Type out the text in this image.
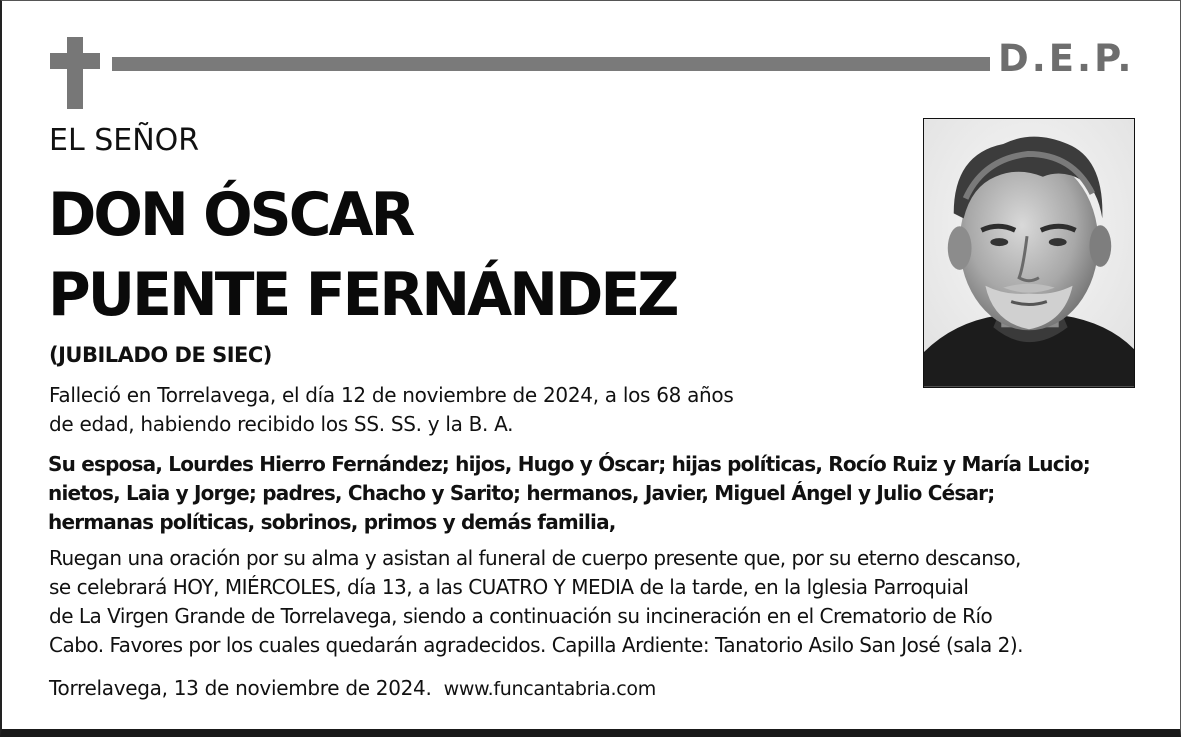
D.E.P.
EL SEÑOR
DON ÓSCAR
PUENTE FERNÁNDEZ
(JUBILADO DE SIEC)
Falleció en Torrelavega, el día 12 de noviembre de 2024, a los 68 años
de edad, habiendo recibido los SS. SS. y la B. A.
Su esposa, Lourdes Hierro Fernández; hijos, Hugo y Óscar; hijas políticas, Rocío Ruiz y María Lucio;
nietos, Laia y Jorge; padres, Chacho y Sarito; hermanos, Javier, Miguel Ángel y Julio César;
hermanas políticas, sobrinos, primos y demás familia,
Ruegan una oración por su alma y asistan al funeral de cuerpo presente que, por su eterno descanso,
se celebrará HOY, MIÉRCOLES, día 13, a las CUATRO Y MEDIA de la tarde, en la lglesia Parroquial
de La Virgen Grande de Torrelavega, siendo a continuación su incineración en el Crematorio de Río
Cabo. Favores por los cuales quedarán agradecidos. Capilla Ardiente: Tanatorio Asilo San José (sala 2).
Torrelavega, 13 de noviembre de 2024. www.funcantabria.com
